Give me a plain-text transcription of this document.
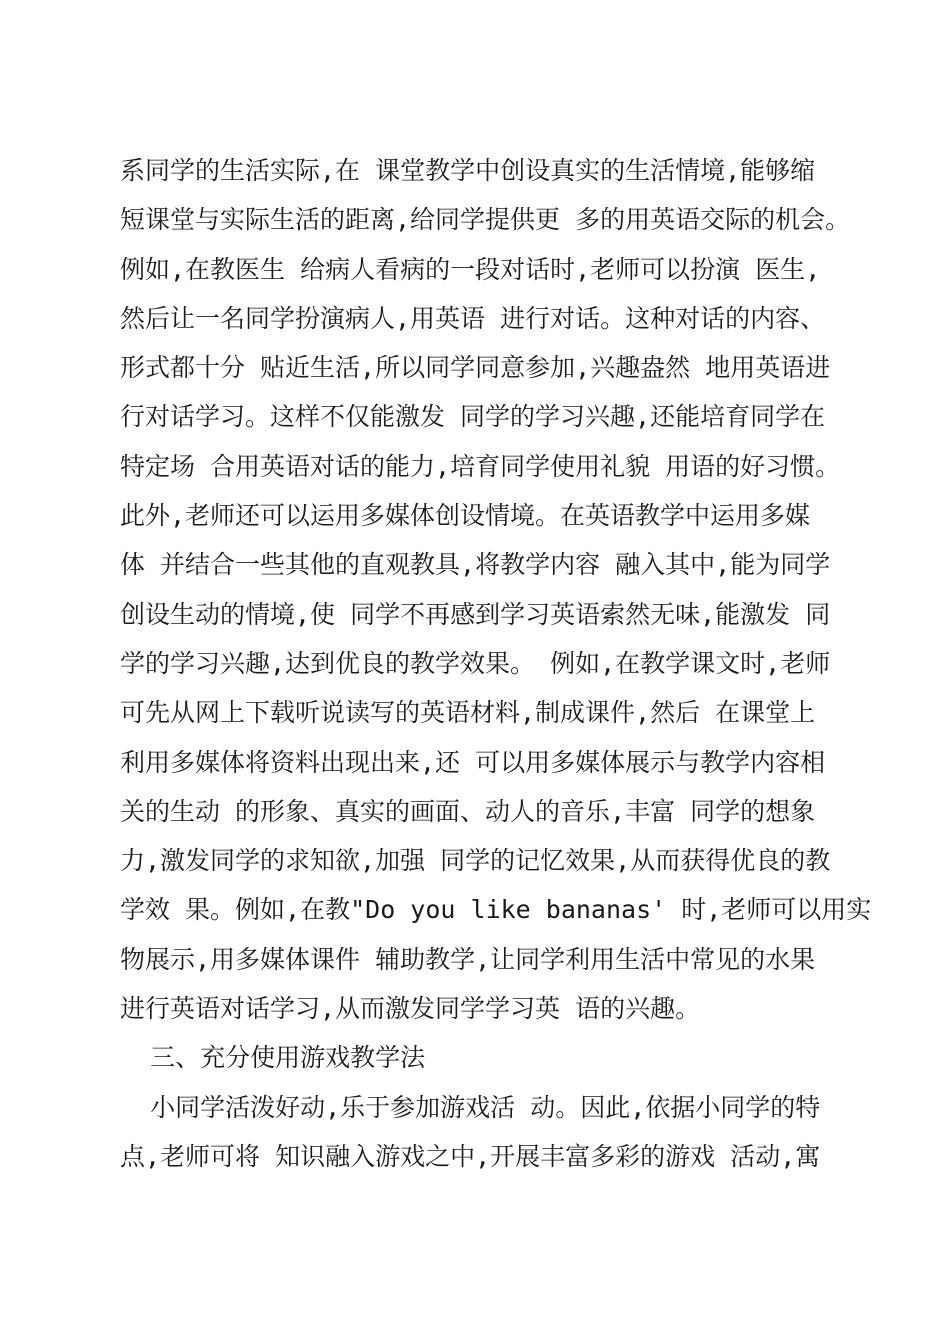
系同学的生活实际,在 课堂教学中创设真实的生活情境,能够缩
短课堂与实际生活的距离,给同学提供更 多的用英语交际的机会。
例如,在教医生 给病人看病的一段对话时,老师可以扮演 医生,
然后让一名同学扮演病人,用英语 进行对话。这种对话的内容、
形式都十分 贴近生活,所以同学同意参加,兴趣盎然 地用英语进
行对话学习。这样不仅能激发 同学的学习兴趣,还能培育同学在
特定场 合用英语对话的能力,培育同学使用礼貌 用语的好习惯。
此外,老师还可以运用多媒体创设情境。在英语教学中运用多媒
体 并结合一些其他的直观教具,将教学内容 融入其中,能为同学
创设生动的情境,使 同学不再感到学习英语索然无味,能激发 同
学的学习兴趣,达到优良的教学效果。 例如,在教学课文时,老师
可先从网上下载听说读写的英语材料,制成课件,然后 在课堂上
利用多媒体将资料出现出来,还 可以用多媒体展示与教学内容相
关的生动 的形象、真实的画面、动人的音乐,丰富 同学的想象
力,激发同学的求知欲,加强 同学的记忆效果,从而获得优良的教
学效 果。例如,在教"Do you like bananas' 时,老师可以用实
物展示,用多媒体课件 辅助教学,让同学利用生活中常见的水果
进行英语对话学习,从而激发同学学习英 语的兴趣。
三、充分使用游戏教学法
小同学活泼好动,乐于参加游戏活 动。因此,依据小同学的特
点,老师可将 知识融入游戏之中,开展丰富多彩的游戏 活动,寓
